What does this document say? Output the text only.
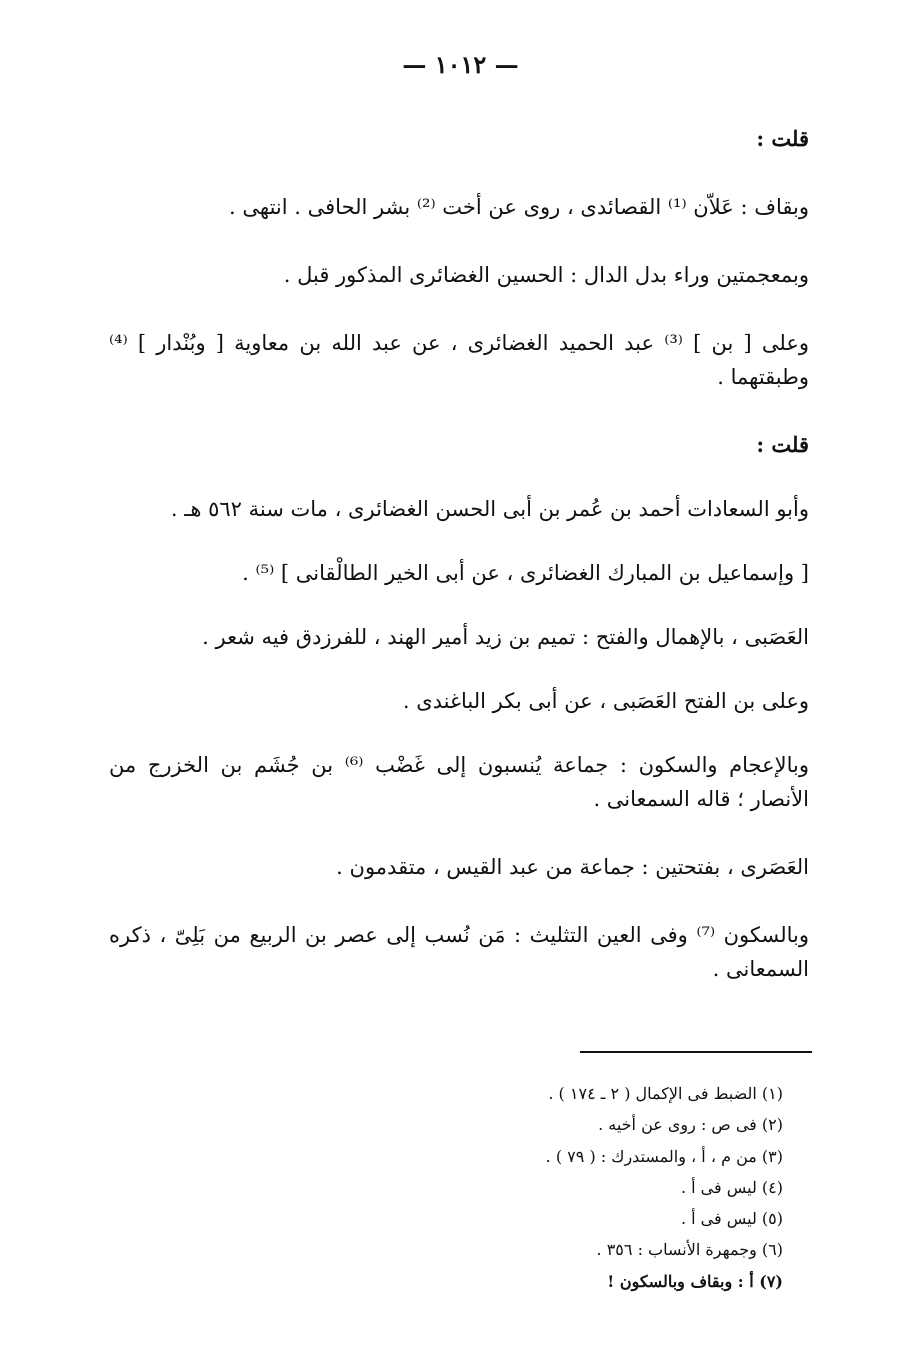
— ١٠١٢ —

قلت :

وبقاف : عَلاّن ⁽¹⁾ القصائدى ، روى عن أخت ⁽²⁾ بشر الحافى . انتهى .

وبمعجمتين وراء بدل الدال : الحسين الغضائرى المذكور قبل .

وعلى [ بن ] ⁽³⁾ عبد الحميد الغضائرى ، عن عبد الله بن معاوية [ وبُنْدار ] ⁽⁴⁾ وطبقتهما .

قلت :

وأبو السعادات أحمد بن عُمر بن أبى الحسن الغضائرى ، مات سنة ٥٦٢ هـ .

[ وإسماعيل بن المبارك الغضائرى ، عن أبى الخير الطالْقانى ] ⁽⁵⁾ .

العَصَبى ، بالإهمال والفتح : تميم بن زيد أمير الهند ، للفرزدق فيه شعر .

وعلى بن الفتح العَصَبى ، عن أبى بكر الباغندى .

وبالإعجام والسكون : جماعة يُنسبون إلى غَضْب ⁽⁶⁾ بن جُشَم بن الخزرج من الأنصار ؛ قاله السمعانى .

العَصَرى ، بفتحتين : جماعة من عبد القيس ، متقدمون .

وبالسكون ⁽⁷⁾ وفى العين التثليث : مَن نُسب إلى عصر بن الربيع من بَلِىّ ، ذكره السمعانى .

(١) الضبط فى الإكمال ( ٢ ـ ١٧٤ ) .
(٢) فى ص : روى عن أخيه .
(٣) من م ، أ ، والمستدرك : ( ٧٩ ) .
(٤) ليس فى أ .
(٥) ليس فى أ .
(٦) وجمهرة الأنساب : ٣٥٦ .
(٧) أ : وبقاف وبالسكون !
